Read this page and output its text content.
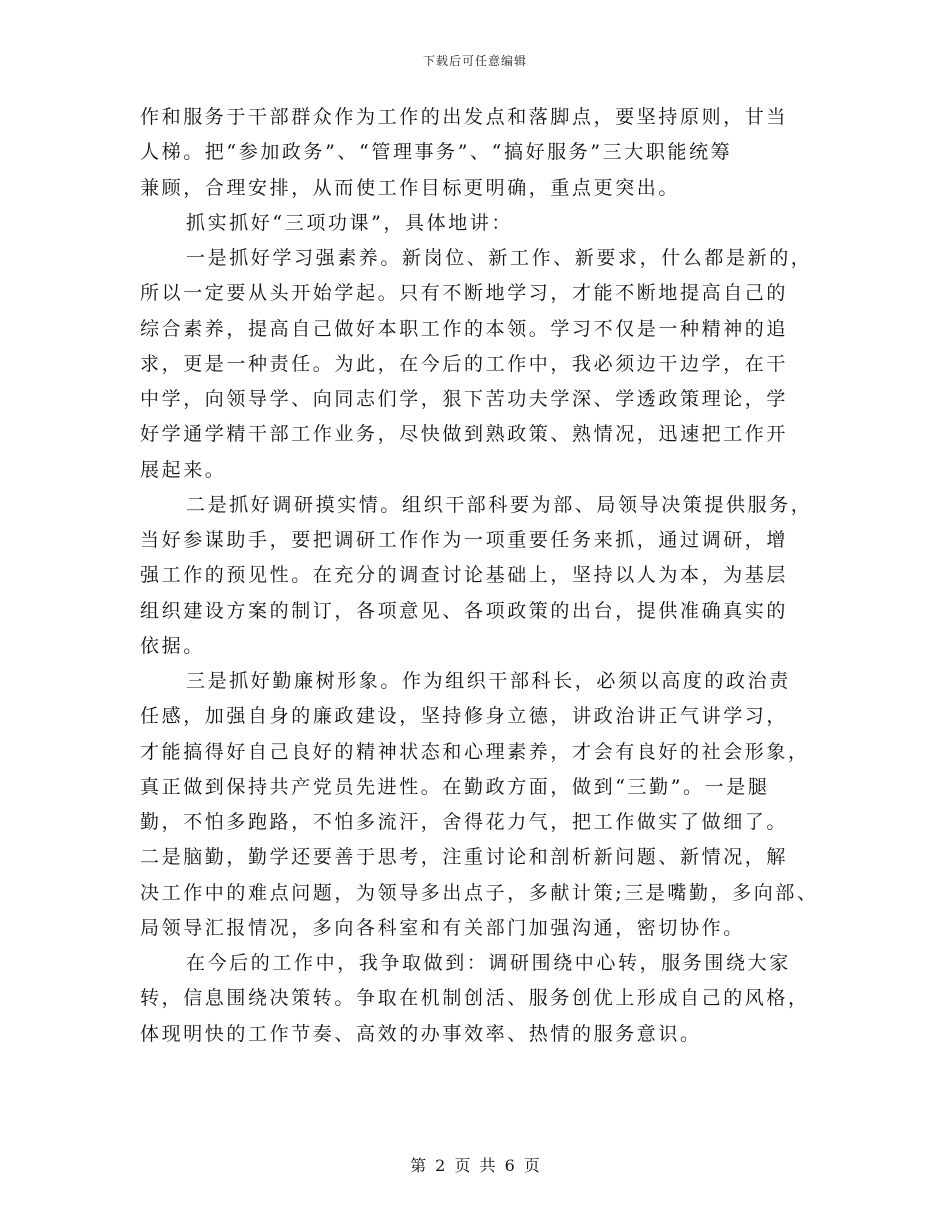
下载后可任意编辑
作和服务于干部群众作为工作的出发点和落脚点，要坚持原则，甘当
人梯。把“参加政务”、“管理事务”、“搞好服务”三大职能统筹
兼顾，合理安排，从而使工作目标更明确，重点更突出。
抓实抓好“三项功课”，具体地讲：
一是抓好学习强素养。新岗位、新工作、新要求，什么都是新的，
所以一定要从头开始学起。只有不断地学习，才能不断地提高自己的
综合素养，提高自己做好本职工作的本领。学习不仅是一种精神的追
求，更是一种责任。为此，在今后的工作中，我必须边干边学，在干
中学，向领导学、向同志们学，狠下苦功夫学深、学透政策理论，学
好学通学精干部工作业务，尽快做到熟政策、熟情况，迅速把工作开
展起来。
二是抓好调研摸实情。组织干部科要为部、局领导决策提供服务，
当好参谋助手，要把调研工作作为一项重要任务来抓，通过调研，增
强工作的预见性。在充分的调查讨论基础上，坚持以人为本，为基层
组织建设方案的制订，各项意见、各项政策的出台，提供准确真实的
依据。
三是抓好勤廉树形象。作为组织干部科长，必须以高度的政治责
任感，加强自身的廉政建设，坚持修身立德，讲政治讲正气讲学习，
才能搞得好自己良好的精神状态和心理素养，才会有良好的社会形象，
真正做到保持共产党员先进性。在勤政方面，做到“三勤”。一是腿
勤，不怕多跑路，不怕多流汗，舍得花力气，把工作做实了做细了。
二是脑勤，勤学还要善于思考，注重讨论和剖析新问题、新情况，解
决工作中的难点问题，为领导多出点子，多献计策;三是嘴勤，多向部、
局领导汇报情况，多向各科室和有关部门加强沟通，密切协作。
在今后的工作中，我争取做到：调研围绕中心转，服务围绕大家
转，信息围绕决策转。争取在机制创活、服务创优上形成自己的风格，
体现明快的工作节奏、高效的办事效率、热情的服务意识。
第 2 页 共 6 页
